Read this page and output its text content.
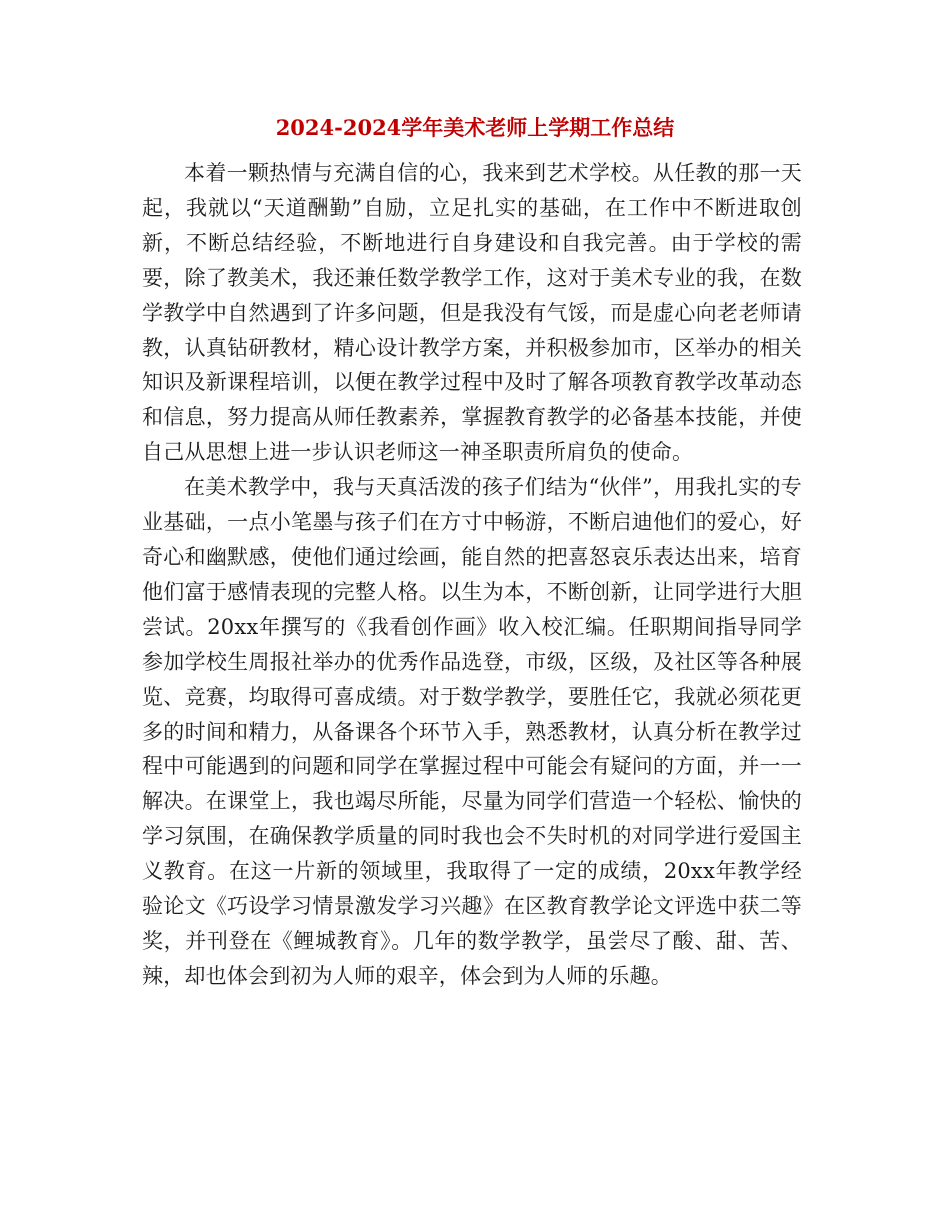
2024-2024学年美术老师上学期工作总结

本着一颗热情与充满自信的心，我来到艺术学校。从任教的那一天起，我就以“天道酬勤”自励，立足扎实的基础，在工作中不断进取创新，不断总结经验，不断地进行自身建设和自我完善。由于学校的需要，除了教美术，我还兼任数学教学工作，这对于美术专业的我，在数学教学中自然遇到了许多问题，但是我没有气馁，而是虚心向老老师请教，认真钻研教材，精心设计教学方案，并积极参加市，区举办的相关知识及新课程培训，以便在教学过程中及时了解各项教育教学改革动态和信息，努力提高从师任教素养，掌握教育教学的必备基本技能，并使自己从思想上进一步认识老师这一神圣职责所肩负的使命。

在美术教学中，我与天真活泼的孩子们结为“伙伴”，用我扎实的专业基础，一点小笔墨与孩子们在方寸中畅游，不断启迪他们的爱心，好奇心和幽默感，使他们通过绘画，能自然的把喜怒哀乐表达出来，培育他们富于感情表现的完整人格。以生为本，不断创新，让同学进行大胆尝试。20xx年撰写的《我看创作画》收入校汇编。任职期间指导同学参加学校生周报社举办的优秀作品选登，市级，区级，及社区等各种展览、竞赛，均取得可喜成绩。对于数学教学，要胜任它，我就必须花更多的时间和精力，从备课各个环节入手，熟悉教材，认真分析在教学过程中可能遇到的问题和同学在掌握过程中可能会有疑问的方面，并一一解决。在课堂上，我也竭尽所能，尽量为同学们营造一个轻松、愉快的学习氛围，在确保教学质量的同时我也会不失时机的对同学进行爱国主义教育。在这一片新的领域里，我取得了一定的成绩，20xx年教学经验论文《巧设学习情景激发学习兴趣》在区教育教学论文评选中获二等奖，并刊登在《鲤城教育》。几年的数学教学，虽尝尽了酸、甜、苦、辣，却也体会到初为人师的艰辛，体会到为人师的乐趣。
